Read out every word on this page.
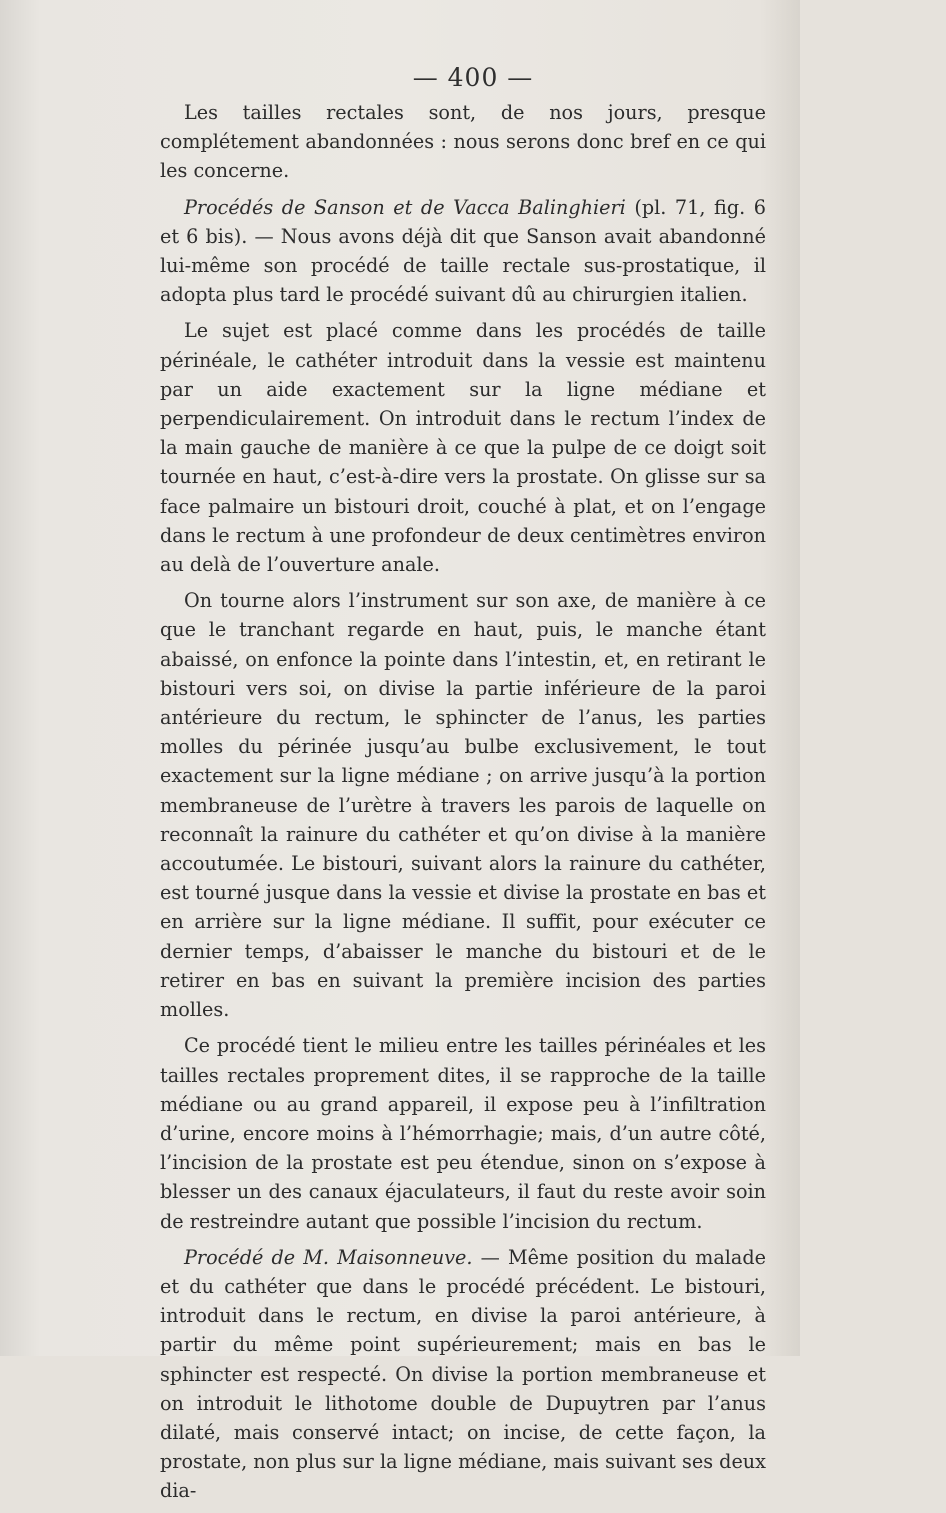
— 400 —

Les tailles rectales sont, de nos jours, presque complétement abandonnées : nous serons donc bref en ce qui les concerne.

Procédés de Sanson et de Vacca Balinghieri (pl. 71, fig. 6 et 6 bis). — Nous avons déjà dit que Sanson avait abandonné lui-même son procédé de taille rectale sus-prostatique, il adopta plus tard le procédé suivant dû au chirurgien italien.

Le sujet est placé comme dans les procédés de taille périnéale, le cathéter introduit dans la vessie est maintenu par un aide exactement sur la ligne médiane et perpendiculairement. On introduit dans le rectum l’index de la main gauche de manière à ce que la pulpe de ce doigt soit tournée en haut, c’est-à-dire vers la prostate. On glisse sur sa face palmaire un bistouri droit, couché à plat, et on l’engage dans le rectum à une profondeur de deux centimètres environ au delà de l’ouverture anale.

On tourne alors l’instrument sur son axe, de manière à ce que le tranchant regarde en haut, puis, le manche étant abaissé, on enfonce la pointe dans l’intestin, et, en retirant le bistouri vers soi, on divise la partie inférieure de la paroi antérieure du rectum, le sphincter de l’anus, les parties molles du périnée jusqu’au bulbe exclusivement, le tout exactement sur la ligne médiane ; on arrive jusqu’à la portion membraneuse de l’urètre à travers les parois de laquelle on reconnaît la rainure du cathéter et qu’on divise à la manière accoutumée. Le bistouri, suivant alors la rainure du cathéter, est tourné jusque dans la vessie et divise la prostate en bas et en arrière sur la ligne médiane. Il suffit, pour exécuter ce dernier temps, d’abaisser le manche du bistouri et de le retirer en bas en suivant la première incision des parties molles.

Ce procédé tient le milieu entre les tailles périnéales et les tailles rectales proprement dites, il se rapproche de la taille médiane ou au grand appareil, il expose peu à l’infiltration d’urine, encore moins à l’hémorrhagie; mais, d’un autre côté, l’incision de la prostate est peu étendue, sinon on s’expose à blesser un des canaux éjaculateurs, il faut du reste avoir soin de restreindre autant que possible l’incision du rectum.

Procédé de M. Maisonneuve. — Même position du malade et du cathéter que dans le procédé précédent. Le bistouri, introduit dans le rectum, en divise la paroi antérieure, à partir du même point supérieurement; mais en bas le sphincter est respecté. On divise la portion membraneuse et on introduit le lithotome double de Dupuytren par l’anus dilaté, mais conservé intact; on incise, de cette façon, la prostate, non plus sur la ligne médiane, mais suivant ses deux dia-
